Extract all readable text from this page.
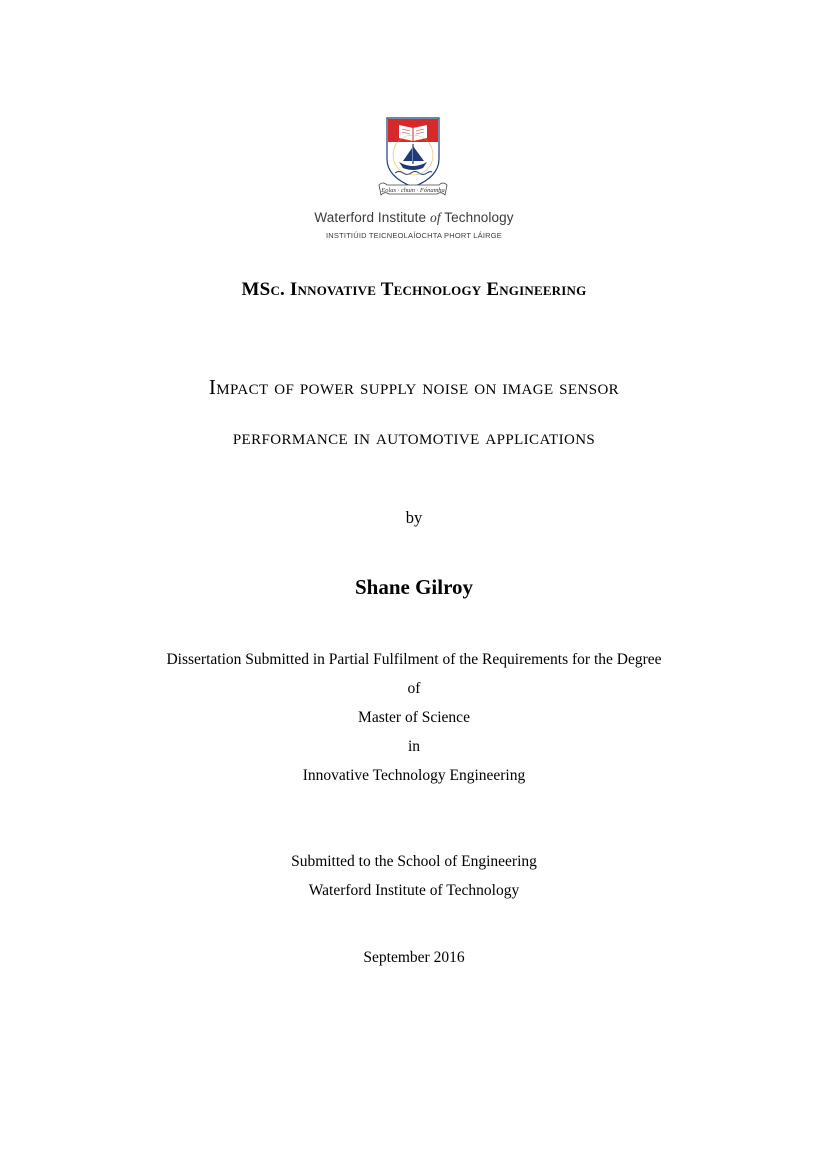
Eolas · chum · Fónamha
Waterford Institute of Technology
INSTITIÚID TEICNEOLAÍOCHTA PHORT LÁIRGE
MSc. Innovative Technology Engineering
Impact of power supply noise on image sensor
performance in automotive applications
by
Shane Gilroy
Dissertation Submitted in Partial Fulfilment of the Requirements for the Degree
of
Master of Science
in
Innovative Technology Engineering
Submitted to the School of Engineering
Waterford Institute of Technology
September 2016
